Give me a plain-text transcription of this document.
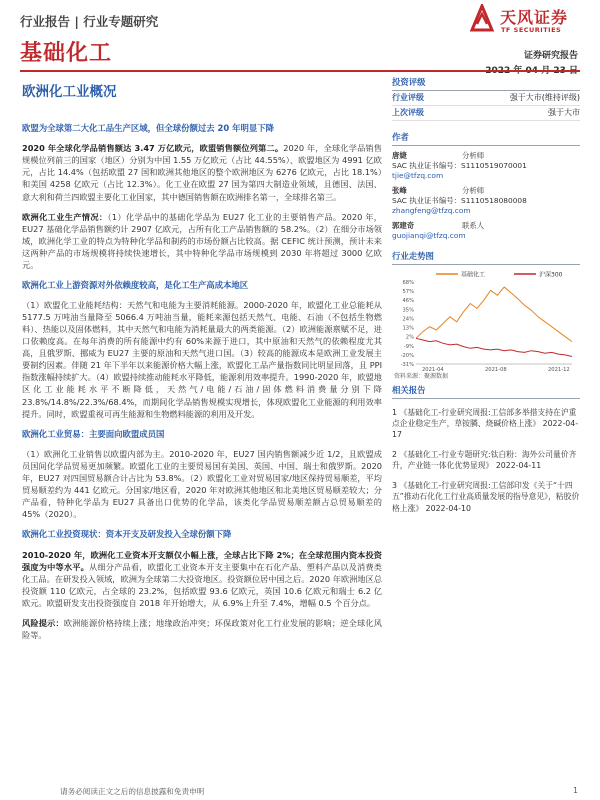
行业报告 | 行业专题研究	天风证券
TF SECURITIES
基础化工	证券研究报告
欧洲化工业概况
欧盟为全球第二大化工品生产区域，但全球份额过去 20 年明显下降

2020 年全球化学品销售额达 3.47 万亿欧元，欧盟销售额位列第二。2020 年，全球化学品销售规模位列前三的国家（地区）分别为中国 1.55 万亿欧元（占比 44.55%）、欧盟地区为 4991 亿欧元，占比 14.4%（包括欧盟 27 国和欧洲其他地区的整个欧洲地区为 6276 亿欧元，占比 18.1%）和美国 4258 亿欧元（占比 12.3%）。化工业在欧盟 27 国为第四大制造业领域，且德国、法国、意大利和荷兰四欧盟主要化工业国家，其中德国销售额在欧洲排名第一，全球排名第三。

欧洲化工业生产情况：（1）化学品中的基础化学品为 EU27 化工业的主要销售产品。2020 年，EU27 基础化学品销售额约计 2907 亿欧元，占所有化工产品销售额的 58.2%。（2）在细分市场领域，欧洲化学工业的特点为特种化学品和制药的市场份额占比较高。据 CEFIC 统计预测，预计未来这两种产品的市场规模将持续快速增长，其中特种化学品市场规模到 2030 年将超过 3000 亿欧元。

欧洲化工业上游资源对外依赖度较高，是化工生产高成本地区

（1）欧盟化工业能耗结构：天然气和电能为主要消耗能源。2000-2020 年，欧盟化工业总能耗从 5177.5 万吨油当量降至 5066.4 万吨油当量，能耗来源包括天然气、电能、石油（不包括生物燃料）、热能以及固体燃料，其中天然气和电能为消耗量最大的两类能源。（2）欧洲能源禀赋不足，进口依赖度高。在每年消费的所有能源中约有 60%来源于进口，其中原油和天然气的依赖程度尤其高，且俄罗斯、挪威为 EU27 主要的原油和天然气进口国。（3）较高的能源成本是欧洲工业发展主要制约因素。伴随 21 年下半年以来能源价格大幅上涨，欧盟化工品产量指数同比明显回落，且 PPI 指数涨幅持续扩大。（4）欧盟持续推动能耗水平降低，能源利用效率提升。1990-2020 年，欧盟地区化工业能耗水平不断降低，天然气/电能/石油/固体燃料消费量分别下降 23.8%/14.8%/22.3%/68.4%，而期间化学品销售规模实现增长，体现欧盟化工业能源的利用效率提升。同时，欧盟重视可再生能源和生物燃料能源的利用及开发。

欧洲化工业贸易：主要面向欧盟成员国

（1）欧洲化工业销售以欧盟内部为主。2010-2020 年，EU27 国内销售额减少近 1/2，且欧盟成员国间化学品贸易更加频繁。欧盟化工业的主要贸易国有美国、英国、中国、瑞士和俄罗斯。2020 年，EU27 对四国贸易额合计占比为 53.8%。（2）欧盟化工业对贸易国家/地区保持贸易顺差，平均贸易顺差约为 441 亿欧元。分国家/地区看，2020 年对欧洲其他地区和北美地区贸易顺差较大；分产品看，特种化学品为 EU27 具备出口优势的化学品，该类化学品贸易顺差额占总贸易顺差的 45%（2020）。

欧洲化工业投资现状：资本开支及研发投入全球份额下降

2010-2020 年，欧洲化工业资本开支额仅小幅上涨，全球占比下降 2%；在全球范围内资本投资强度为中等水平。从细分产品看，欧盟化工业资本开支主要集中在石化产品、塑料产品以及消费类化工品。在研发投入领域，欧洲为全球第二大投资地区。投资额位居中国之后。2020 年欧洲地区总投资额 110 亿欧元，占全球的 23.2%，包括欧盟 93.6 亿欧元，英国 10.6 亿欧元和瑞士 6.2 亿欧元。欧盟研发支出投资强度自 2018 年开始增大，从 6.9%上升至 7.4%，增幅 0.5 个百分点。

风险提示：欧洲能源价格持续上涨；地缘政治冲突；环保政策对化工行业发展的影响；逆全球化风险等。

投资评级
行业评级	强于大市(维持评级)
上次评级	强于大市
作者
唐婕	分析师
SAC 执业证书编号：S1110519070001
tjie@tfzq.com
张峰	分析师
SAC 执业证书编号：S1110518080008
zhangfeng@tfzq.com
郭建奇	联系人
guojianqi@tfzq.com
行业走势图
基础化工	沪深300
68%
57%
46%
35%
24%
13%
2%
-9%
-20%
-31%
2021-04	2021-08	2021-12
资料来源：聚源数据
相关报告
1 《基础化工-行业研究周报:工信部多举措支持在沪重点企业稳定生产，草铵膦、烧碱价格上涨》 2022-04-17
2 《基础化工-行业专题研究:钛白粉：海外公司量价齐升，产业链一体化优势显现》 2022-04-11
3 《基础化工-行业研究周报:工信部印发《关于“十四五”推动石化化工行业高质量发展的指导意见》，粘胶价格上涨》 2022-04-10
请务必阅读正文之后的信息披露和免责申明	1
